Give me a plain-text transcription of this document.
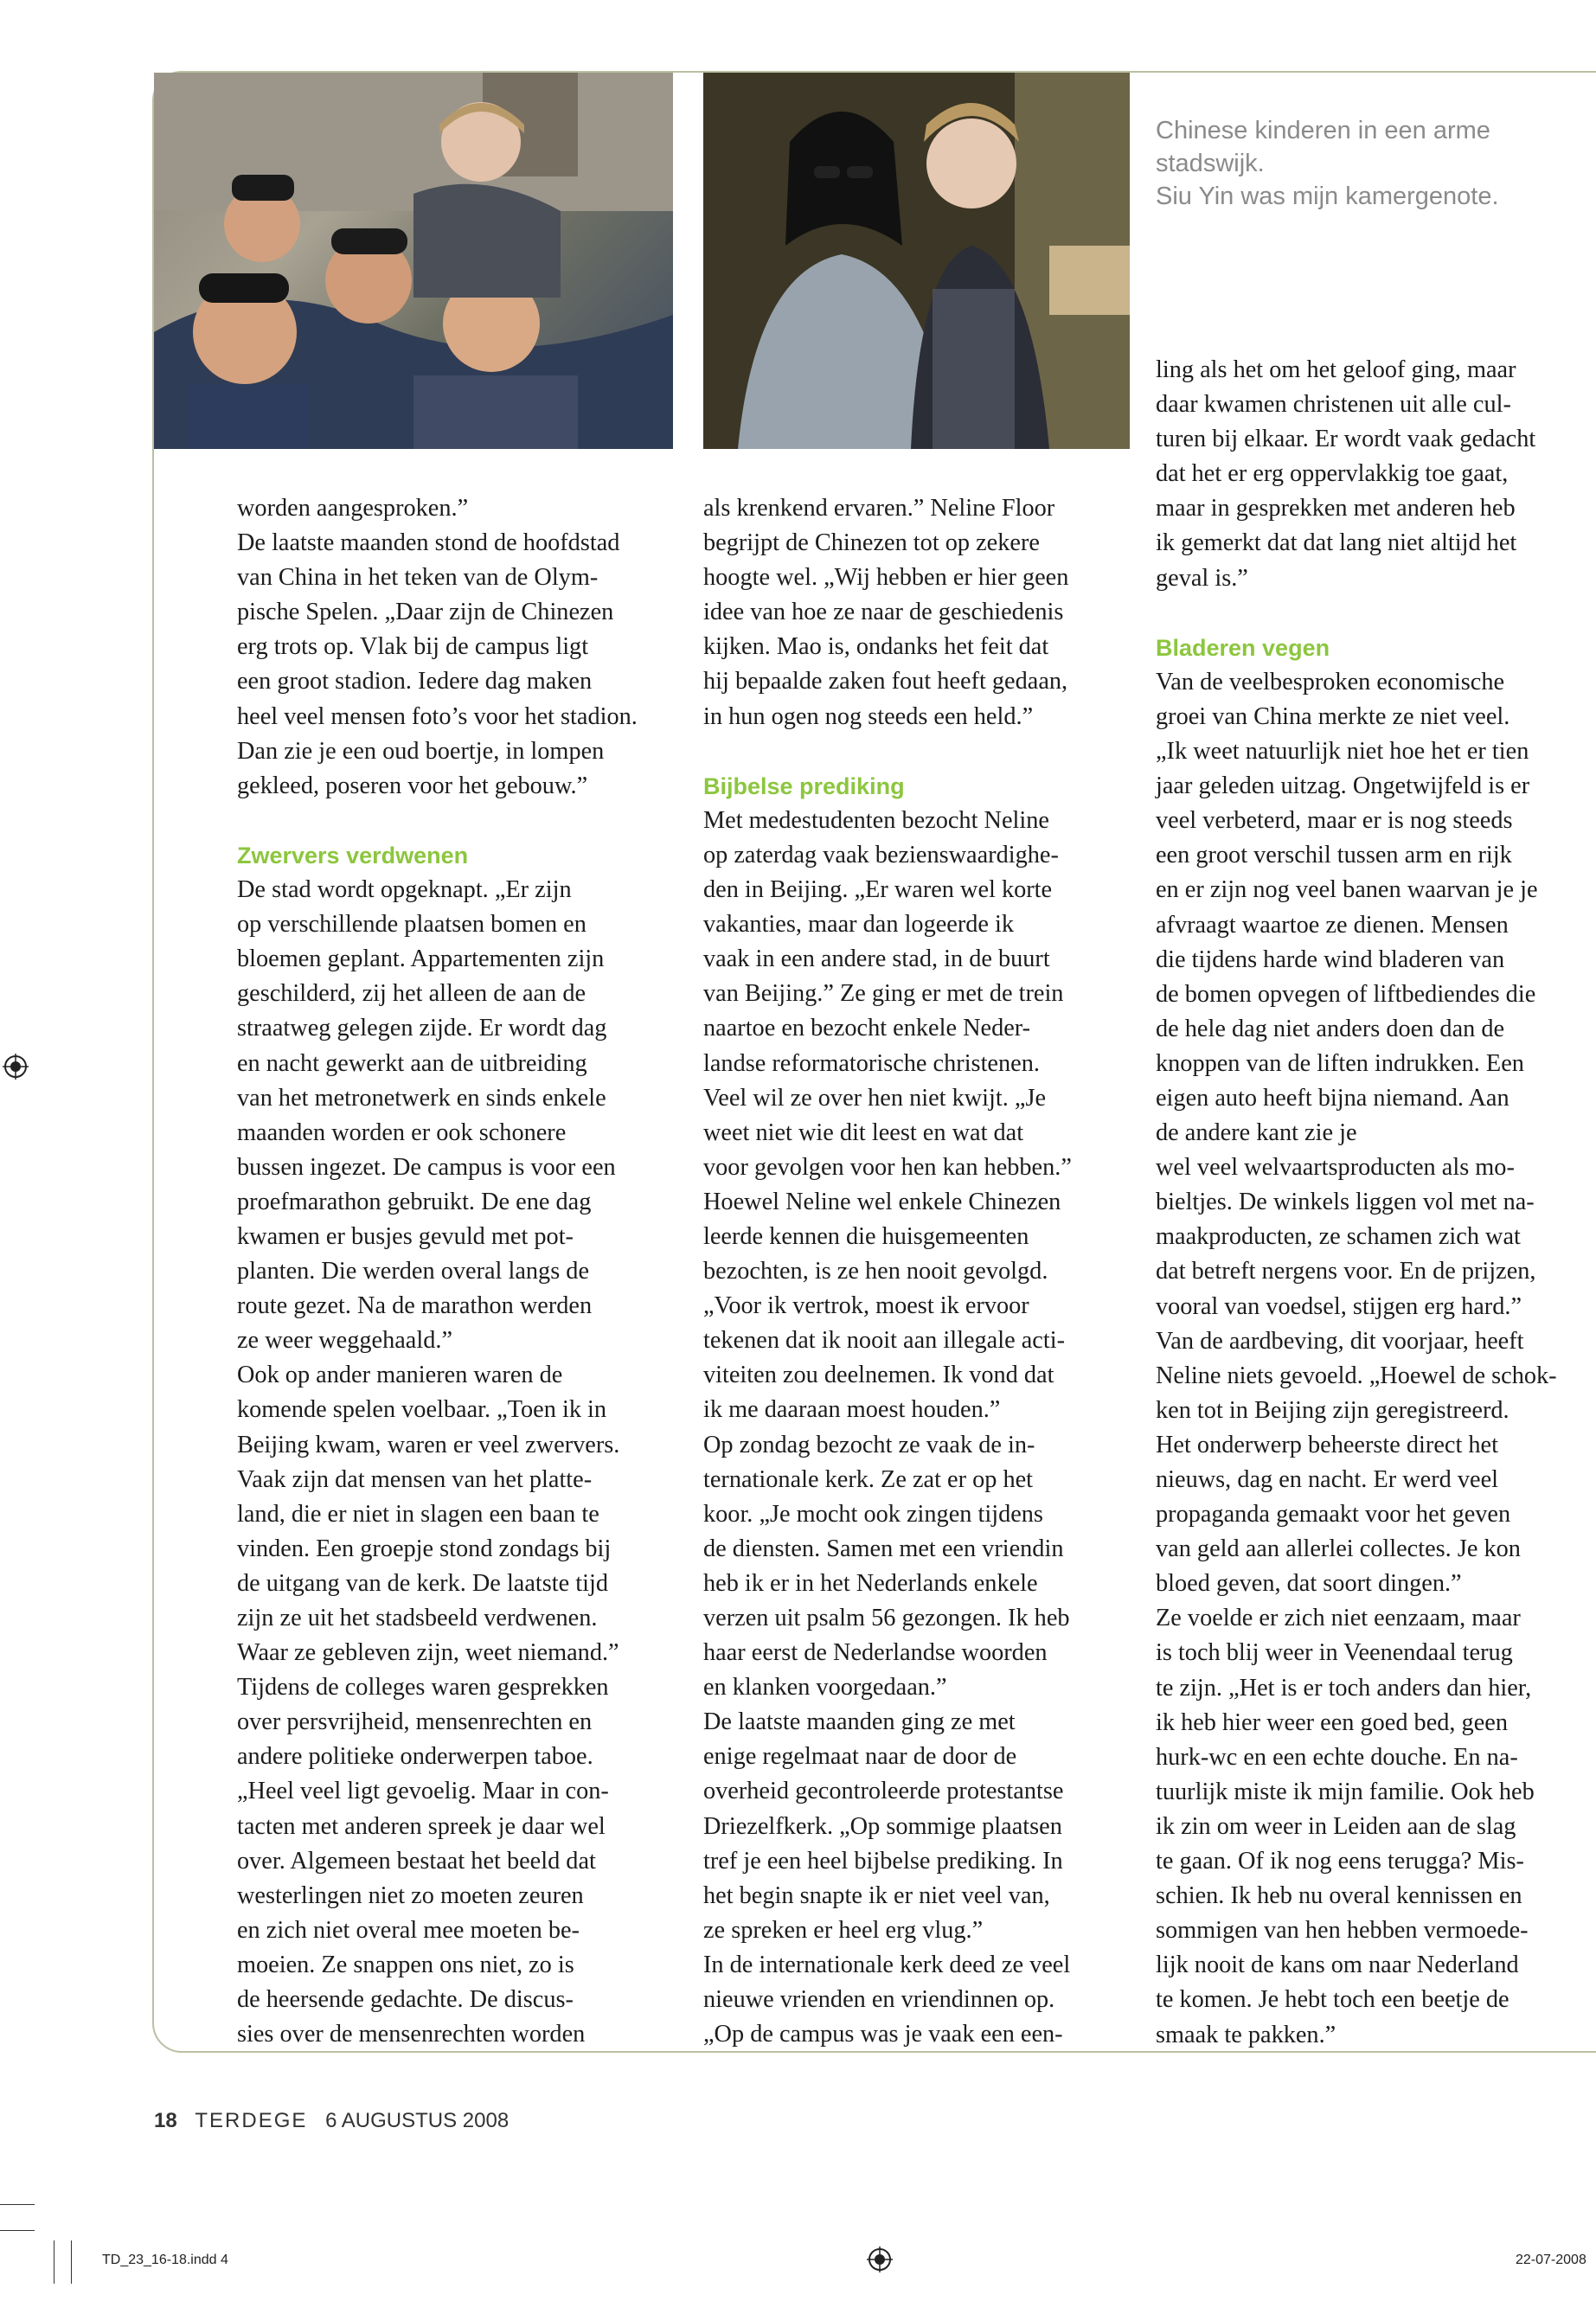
Chinese kinderen in een arme
stadswijk.
Siu Yin was mijn kamergenote.
worden aangesproken.”
De laatste maanden stond de hoofdstad
van China in het teken van de Olym-
pische Spelen. „Daar zijn de Chinezen
erg trots op. Vlak bij de campus ligt
een groot stadion. Iedere dag maken
heel veel mensen foto’s voor het stadion.
Dan zie je een oud boertje, in lompen
gekleed, poseren voor het gebouw.”
Zwervers verdwenen
De stad wordt opgeknapt. „Er zijn
op verschillende plaatsen bomen en
bloemen geplant. Appartementen zijn
geschilderd, zij het alleen de aan de
straatweg gelegen zijde. Er wordt dag
en nacht gewerkt aan de uitbreiding
van het metronetwerk en sinds enkele
maanden worden er ook schonere
bussen ingezet. De campus is voor een
proefmarathon gebruikt. De ene dag
kwamen er busjes gevuld met pot-
planten. Die werden overal langs de
route gezet. Na de marathon werden
ze weer weggehaald.”
Ook op ander manieren waren de
komende spelen voelbaar. „Toen ik in
Beijing kwam, waren er veel zwervers.
Vaak zijn dat mensen van het platte-
land, die er niet in slagen een baan te
vinden. Een groepje stond zondags bij
de uitgang van de kerk. De laatste tijd
zijn ze uit het stadsbeeld verdwenen.
Waar ze gebleven zijn, weet niemand.”
Tijdens de colleges waren gesprekken
over persvrijheid, mensenrechten en
andere politieke onderwerpen taboe.
„Heel veel ligt gevoelig. Maar in con-
tacten met anderen spreek je daar wel
over. Algemeen bestaat het beeld dat
westerlingen niet zo moeten zeuren
en zich niet overal mee moeten be-
moeien. Ze snappen ons niet, zo is
de heersende gedachte. De discus-
sies over de mensenrechten worden
als krenkend ervaren.” Neline Floor
begrijpt de Chinezen tot op zekere
hoogte wel. „Wij hebben er hier geen
idee van hoe ze naar de geschiedenis
kijken. Mao is, ondanks het feit dat
hij bepaalde zaken fout heeft gedaan,
in hun ogen nog steeds een held.”
Bijbelse prediking
Met medestudenten bezocht Neline
op zaterdag vaak bezienswaardighe-
den in Beijing. „Er waren wel korte
vakanties, maar dan logeerde ik
vaak in een andere stad, in de buurt
van Beijing.” Ze ging er met de trein
naartoe en bezocht enkele Neder-
landse reformatorische christenen.
Veel wil ze over hen niet kwijt. „Je
weet niet wie dit leest en wat dat
voor gevolgen voor hen kan hebben.”
Hoewel Neline wel enkele Chinezen
leerde kennen die huisgemeenten
bezochten, is ze hen nooit gevolgd.
„Voor ik vertrok, moest ik ervoor
tekenen dat ik nooit aan illegale acti-
viteiten zou deelnemen. Ik vond dat
ik me daaraan moest houden.”
Op zondag bezocht ze vaak de in-
ternationale kerk. Ze zat er op het
koor. „Je mocht ook zingen tijdens
de diensten. Samen met een vriendin
heb ik er in het Nederlands enkele
verzen uit psalm 56 gezongen. Ik heb
haar eerst de Nederlandse woorden
en klanken voorgedaan.”
De laatste maanden ging ze met
enige regelmaat naar de door de
overheid gecontroleerde protestantse
Driezelfkerk. „Op sommige plaatsen
tref je een heel bijbelse prediking. In
het begin snapte ik er niet veel van,
ze spreken er heel erg vlug.”
In de internationale kerk deed ze veel
nieuwe vrienden en vriendinnen op.
„Op de campus was je vaak een een-
ling als het om het geloof ging, maar
daar kwamen christenen uit alle cul-
turen bij elkaar. Er wordt vaak gedacht
dat het er erg oppervlakkig toe gaat,
maar in gesprekken met anderen heb
ik gemerkt dat dat lang niet altijd het
geval is.”
Bladeren vegen
Van de veelbesproken economische
groei van China merkte ze niet veel.
„Ik weet natuurlijk niet hoe het er tien
jaar geleden uitzag. Ongetwijfeld is er
veel verbeterd, maar er is nog steeds
een groot verschil tussen arm en rijk
en er zijn nog veel banen waarvan je je
afvraagt waartoe ze dienen. Mensen
die tijdens harde wind bladeren van
de bomen opvegen of liftbediendes die
de hele dag niet anders doen dan de
knoppen van de liften indrukken. Een
eigen auto heeft bijna niemand. Aan
de andere kant zie je
wel veel welvaartsproducten als mo-
bieltjes. De winkels liggen vol met na-
maakproducten, ze schamen zich wat
dat betreft nergens voor. En de prijzen,
vooral van voedsel, stijgen erg hard.”
Van de aardbeving, dit voorjaar, heeft
Neline niets gevoeld. „Hoewel de schok-
ken tot in Beijing zijn geregistreerd.
Het onderwerp beheerste direct het
nieuws, dag en nacht. Er werd veel
propaganda gemaakt voor het geven
van geld aan allerlei collectes. Je kon
bloed geven, dat soort dingen.”
Ze voelde er zich niet eenzaam, maar
is toch blij weer in Veenendaal terug
te zijn. „Het is er toch anders dan hier,
ik heb hier weer een goed bed, geen
hurk-wc en een echte douche. En na-
tuurlijk miste ik mijn familie. Ook heb
ik zin om weer in Leiden aan de slag
te gaan. Of ik nog eens terugga? Mis-
schien. Ik heb nu overal kennissen en
sommigen van hen hebben vermoede-
lijk nooit de kans om naar Nederland
te komen. Je hebt toch een beetje de
smaak te pakken.”
18 TERDEGE 6 AUGUSTUS 2008
TD_23_16-18.indd 4	22-07-2008
